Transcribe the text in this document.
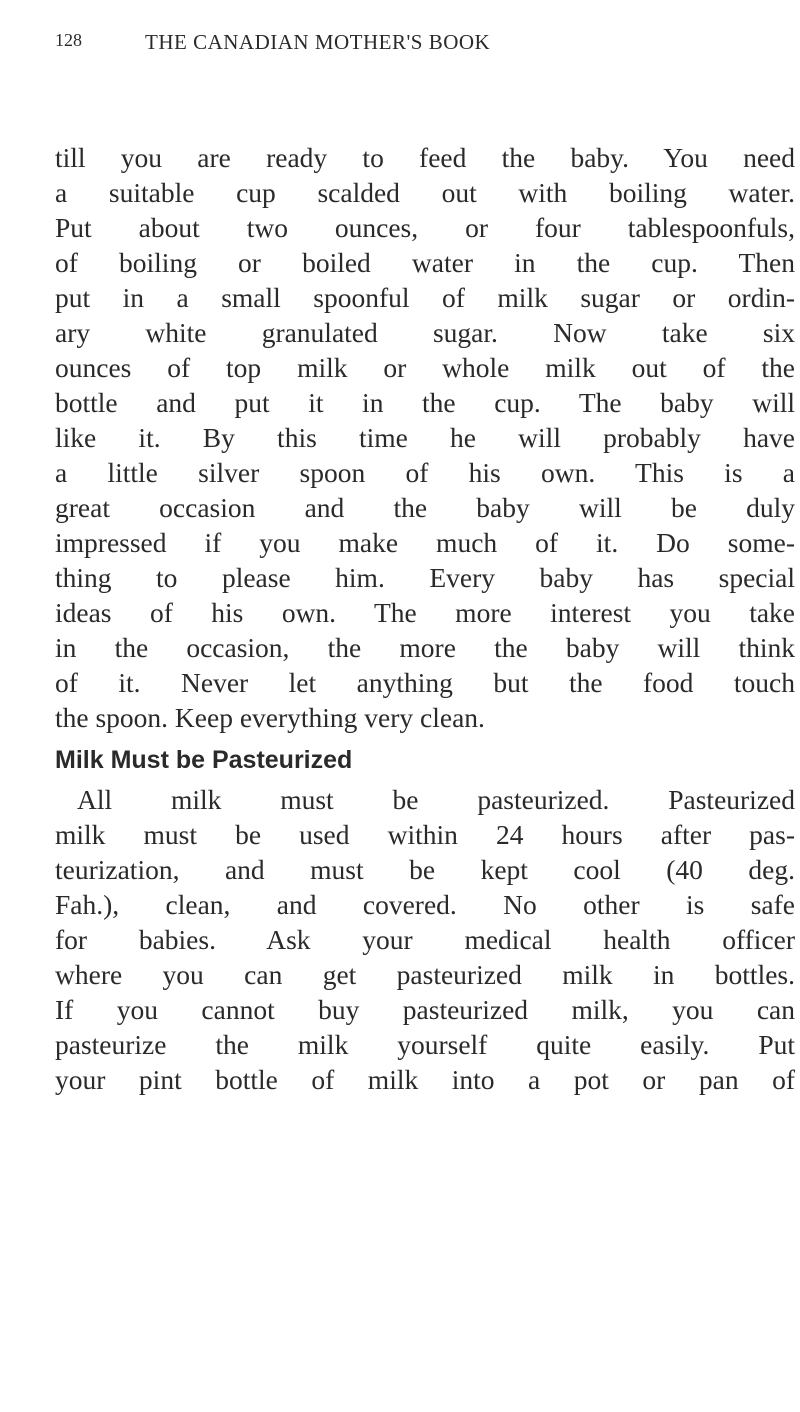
128	THE CANADIAN MOTHER'S BOOK
till you are ready to feed the baby. You need
a suitable cup scalded out with boiling water.
Put about two ounces, or four tablespoonfuls,
of boiling or boiled water in the cup. Then
put in a small spoonful of milk sugar or ordin-
ary white granulated sugar. Now take six
ounces of top milk or whole milk out of the
bottle and put it in the cup. The baby will
like it. By this time he will probably have
a little silver spoon of his own. This is a
great occasion and the baby will be duly
impressed if you make much of it. Do some-
thing to please him. Every baby has special
ideas of his own. The more interest you take
in the occasion, the more the baby will think
of it. Never let anything but the food touch
the spoon. Keep everything very clean.
Milk Must be Pasteurized
All milk must be pasteurized. Pasteurized
milk must be used within 24 hours after pas-
teurization, and must be kept cool (40 deg.
Fah.), clean, and covered. No other is safe
for babies. Ask your medical health officer
where you can get pasteurized milk in bottles.
If you cannot buy pasteurized milk, you can
pasteurize the milk yourself quite easily. Put
your pint bottle of milk into a pot or pan of
